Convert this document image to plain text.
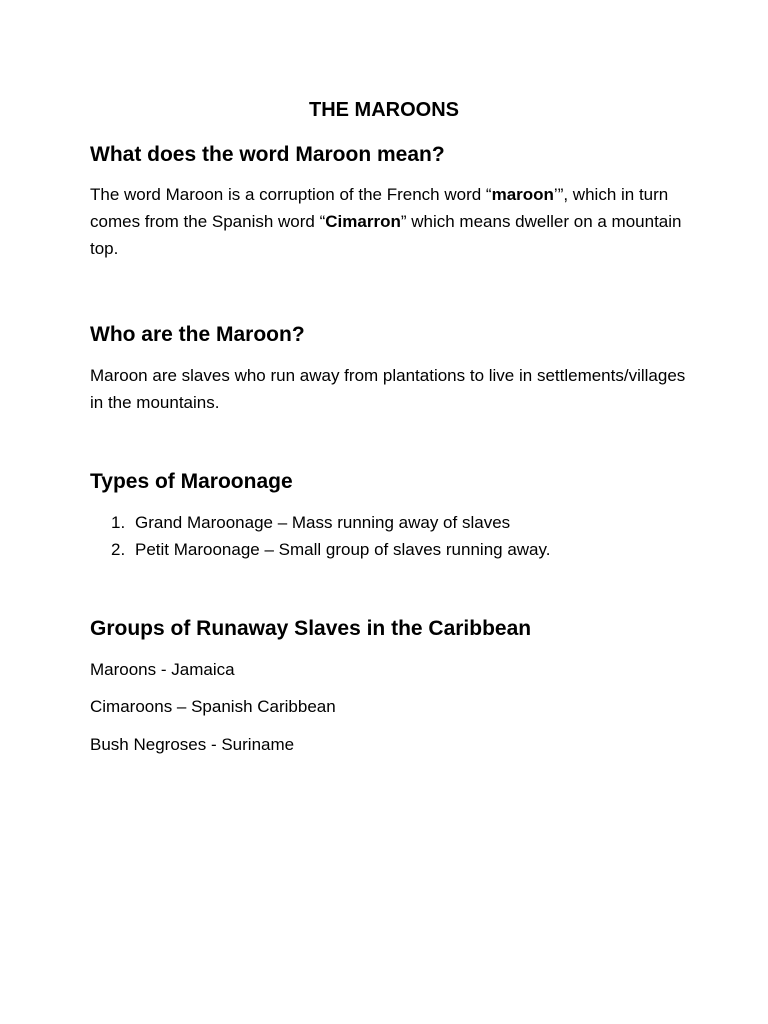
THE MAROONS
What does the word Maroon mean?

The word Maroon is a corruption of the French word “maroon’”, which in turn comes from the Spanish word “Cimarron” which means dweller on a mountain top.

Who are the Maroon?

Maroon are slaves who run away from plantations to live in settlements/villages in the mountains.

Types of Maroonage
1. Grand Maroonage – Mass running away of slaves
2. Petit Maroonage – Small group of slaves running away.
Groups of Runaway Slaves in the Caribbean

Maroons - Jamaica

Cimaroons – Spanish Caribbean

Bush Negroses - Suriname
